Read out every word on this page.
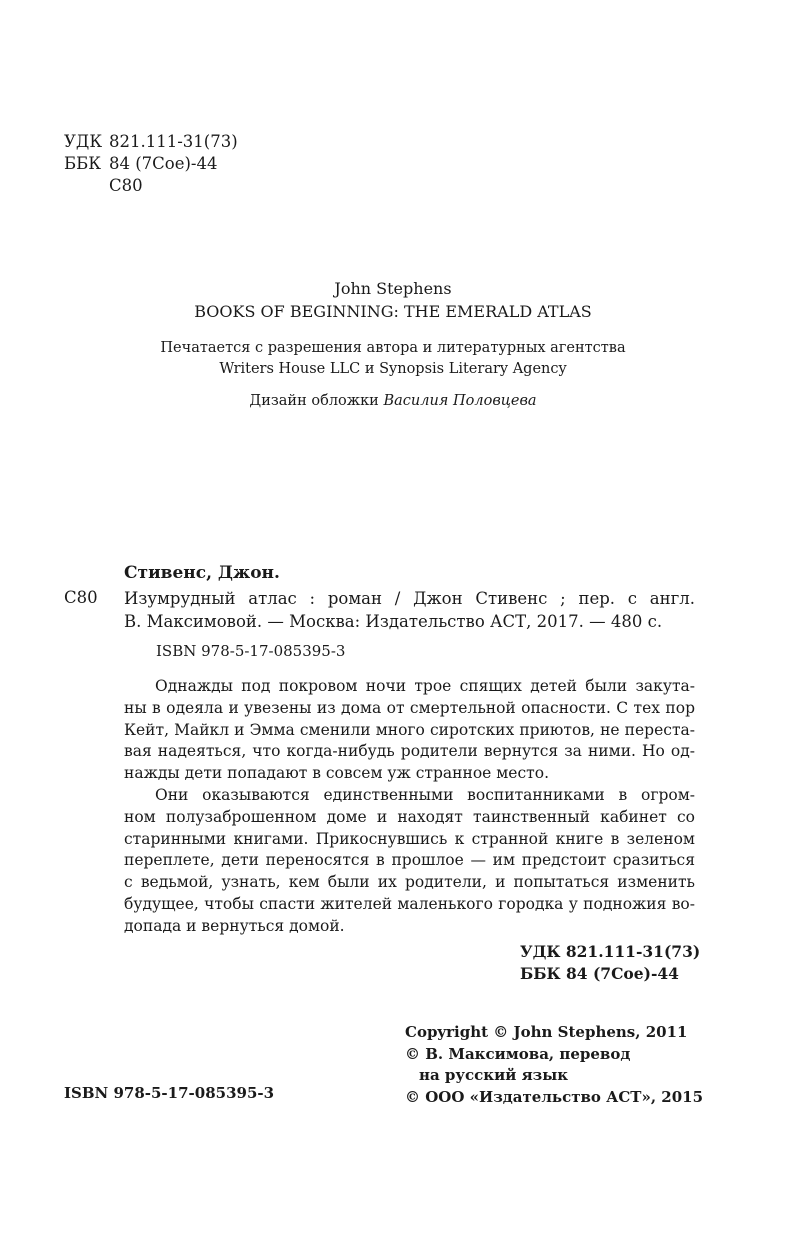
УДК 821.111-31(73)
ББК 84 (7Сое)-44
С80
John Stephens
BOOKS OF BEGINNING: THE EMERALD ATLAS
Печатается с разрешения автора и литературных агентства
Writers House LLC и Synopsis Literary Agency
Дизайн обложки Василия Половцева
Стивенс, Джон.
С80 Изумрудный атлас : роман / Джон Стивенс ; пер. с англ.
В. Максимовой. — Москва: Издательство АСТ, 2017. — 480 с.
ISBN 978-5-17-085395-3
Однажды под покровом ночи трое спящих детей были закута-
ны в одеяла и увезены из дома от смертельной опасности. С тех пор
Кейт, Майкл и Эмма сменили много сиротских приютов, не переста-
вая надеяться, что когда-нибудь родители вернутся за ними. Но од-
нажды дети попадают в совсем уж странное место.
Они оказываются единственными воспитанниками в огром-
ном полузаброшенном доме и находят таинственный кабинет со
старинными книгами. Прикоснувшись к странной книге в зеленом
переплете, дети переносятся в прошлое — им предстоит сразиться
с ведьмой, узнать, кем были их родители, и попытаться изменить
будущее, чтобы спасти жителей маленького городка у подножия во-
допада и вернуться домой.
УДК 821.111-31(73)
ББК 84 (7Сое)-44
Copyright © John Stephens, 2011
© В. Максимова, перевод
на русский язык
© ООО «Издательство АСТ», 2015
ISBN 978-5-17-085395-3
